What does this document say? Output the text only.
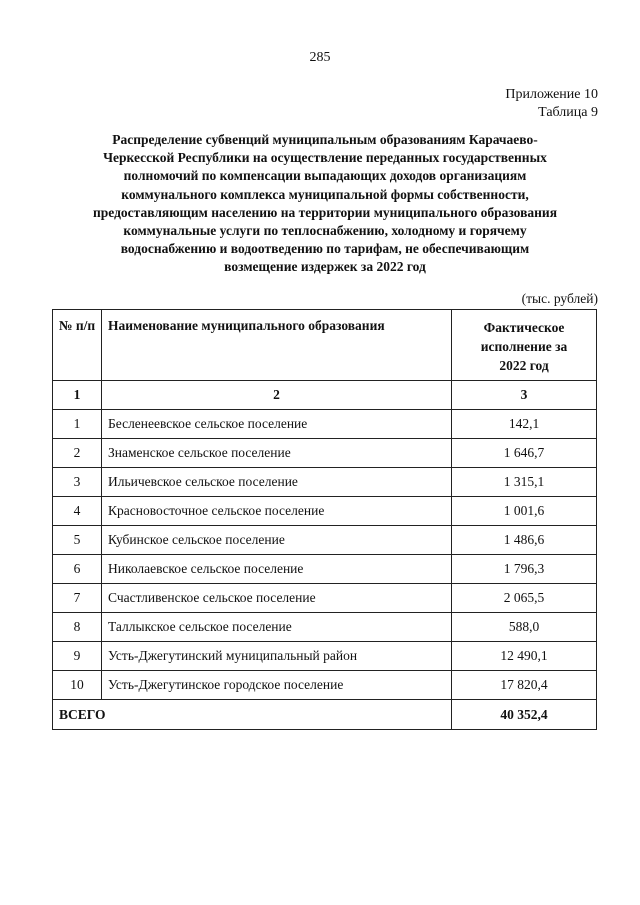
285
Приложение 10
Таблица 9
Распределение субвенций муниципальным образованиям Карачаево-
Черкесской Республики на осуществление переданных государственных
полномочий по компенсации выпадающих доходов организациям
коммунального комплекса муниципальной формы собственности,
предоставляющим населению на территории муниципального образования
коммунальные услуги по теплоснабжению, холодному и горячему
водоснабжению и водоотведению по тарифам, не обеспечивающим
возмещение издержек за 2022 год
(тыс. рублей)
№ п/п	Наименование муниципального образования	Фактическое
исполнение за
2022 год

1	2	3
1	Бесленеевское сельское поселение	142,1
2	Знаменское сельское поселение	1 646,7
3	Ильичевское сельское поселение	1 315,1
4	Красновосточное сельское поселение	1 001,6
5	Кубинское сельское поселение	1 486,6
6	Николаевское сельское поселение	1 796,3
7	Счастливенское сельское поселение	2 065,5
8	Таллыкское сельское поселение	588,0
9	Усть-Джегутинский муниципальный район	12 490,1
10	Усть-Джегутинское городское поселение	17 820,4
ВСЕГО		40 352,4
